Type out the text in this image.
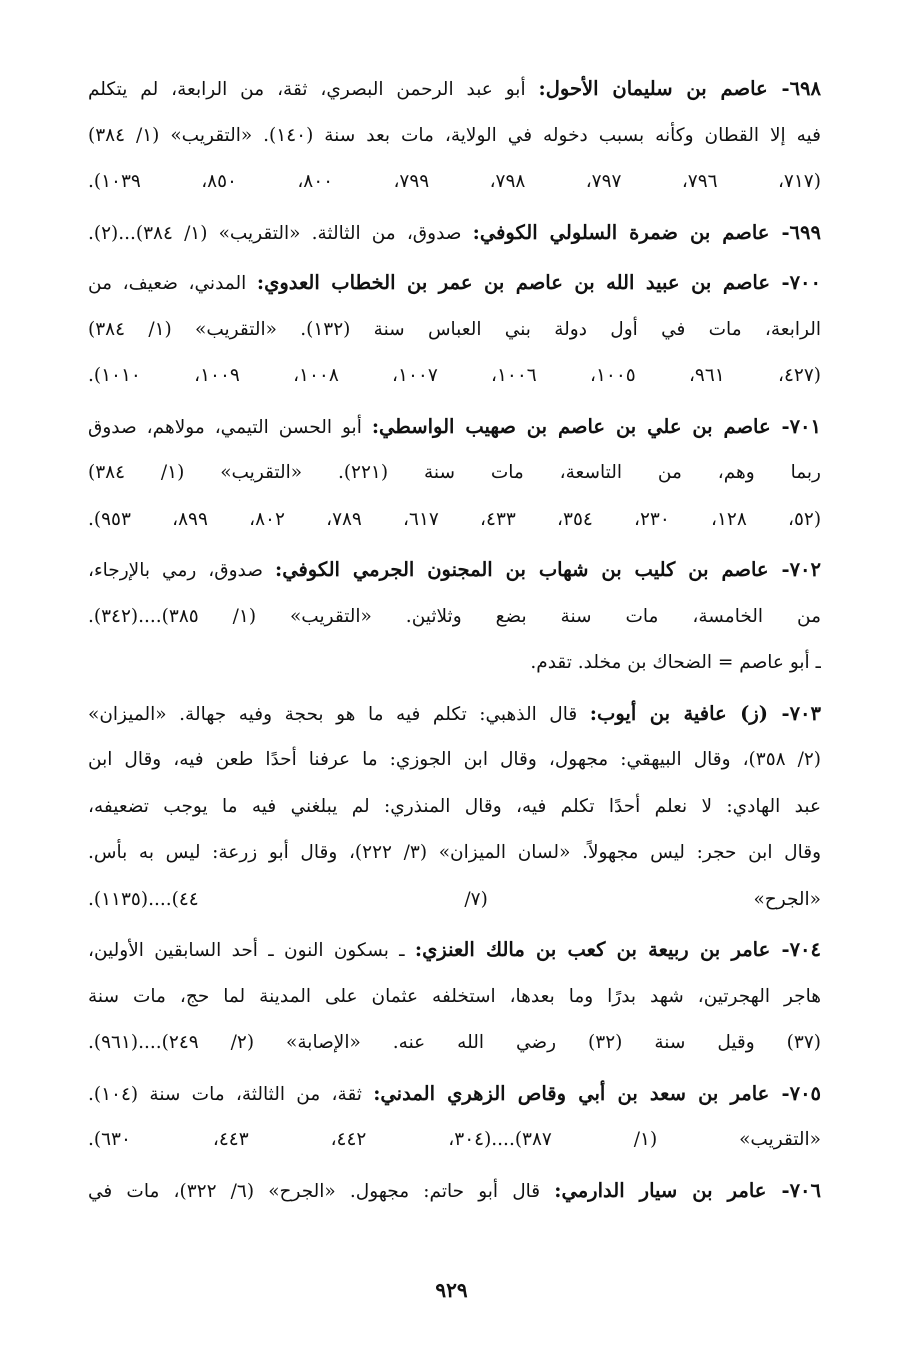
٦٩٨- عاصم بن سليمان الأحول: أبو عبد الرحمن البصري، ثقة، من الرابعة، لم يتكلم
فيه إلا القطان وكأنه بسبب دخوله في الولاية، مات بعد سنة (١٤٠). «التقريب» (١/ ٣٨٤)
(٧١٧، ٧٩٦، ٧٩٧، ٧٩٨، ٧٩٩، ٨٠٠، ٨٥٠، ١٠٣٩).
٦٩٩- عاصم بن ضمرة السلولي الكوفي: صدوق، من الثالثة. «التقريب» (١/ ٣٨٤)...(٢).
٧٠٠- عاصم بن عبيد الله بن عاصم بن عمر بن الخطاب العدوي: المدني، ضعيف، من
الرابعة، مات في أول دولة بني العباس سنة (١٣٢). «التقريب» (١/ ٣٨٤)
(٤٢٧، ٩٦١، ١٠٠٥، ١٠٠٦، ١٠٠٧، ١٠٠٨، ١٠٠٩، ١٠١٠).
٧٠١- عاصم بن علي بن عاصم بن صهيب الواسطي: أبو الحسن التيمي، مولاهم، صدوق
ربما وهم، من التاسعة، مات سنة (٢٢١). «التقريب» (١/ ٣٨٤)
(٥٢، ١٢٨، ٢٣٠، ٣٥٤، ٤٣٣، ٦١٧، ٧٨٩، ٨٠٢، ٨٩٩، ٩٥٣).
٧٠٢- عاصم بن كليب بن شهاب بن المجنون الجرمي الكوفي: صدوق، رمي بالإرجاء،
من الخامسة، مات سنة بضع وثلاثين. «التقريب» (١/ ٣٨٥)....(٣٤٢).
ـ أبو عاصم = الضحاك بن مخلد. تقدم.
٧٠٣- (ز) عافية بن أيوب: قال الذهبي: تكلم فيه ما هو بحجة وفيه جهالة. «الميزان»
(٢/ ٣٥٨)، وقال البيهقي: مجهول، وقال ابن الجوزي: ما عرفنا أحدًا طعن فيه، وقال ابن
عبد الهادي: لا نعلم أحدًا تكلم فيه، وقال المنذري: لم يبلغني فيه ما يوجب تضعيفه،
وقال ابن حجر: ليس مجهولاً. «لسان الميزان» (٣/ ٢٢٢)، وقال أبو زرعة: ليس به بأس.
«الجرح» (٧/ ٤٤)....(١١٣٥).
٧٠٤- عامر بن ربيعة بن كعب بن مالك العنزي: ـ بسكون النون ـ أحد السابقين الأولين،
هاجر الهجرتين، شهد بدرًا وما بعدها، استخلفه عثمان على المدينة لما حج، مات سنة
(٣٧) وقيل سنة (٣٢) رضي الله عنه. «الإصابة» (٢/ ٢٤٩)....(٩٦١).
٧٠٥- عامر بن سعد بن أبي وقاص الزهري المدني: ثقة، من الثالثة، مات سنة (١٠٤).
«التقريب» (١/ ٣٨٧)....(٣٠٤، ٤٤٢، ٤٤٣، ٦٣٠).
٧٠٦- عامر بن سيار الدارمي: قال أبو حاتم: مجهول. «الجرح» (٦/ ٣٢٢)، مات في
٩٢٩
